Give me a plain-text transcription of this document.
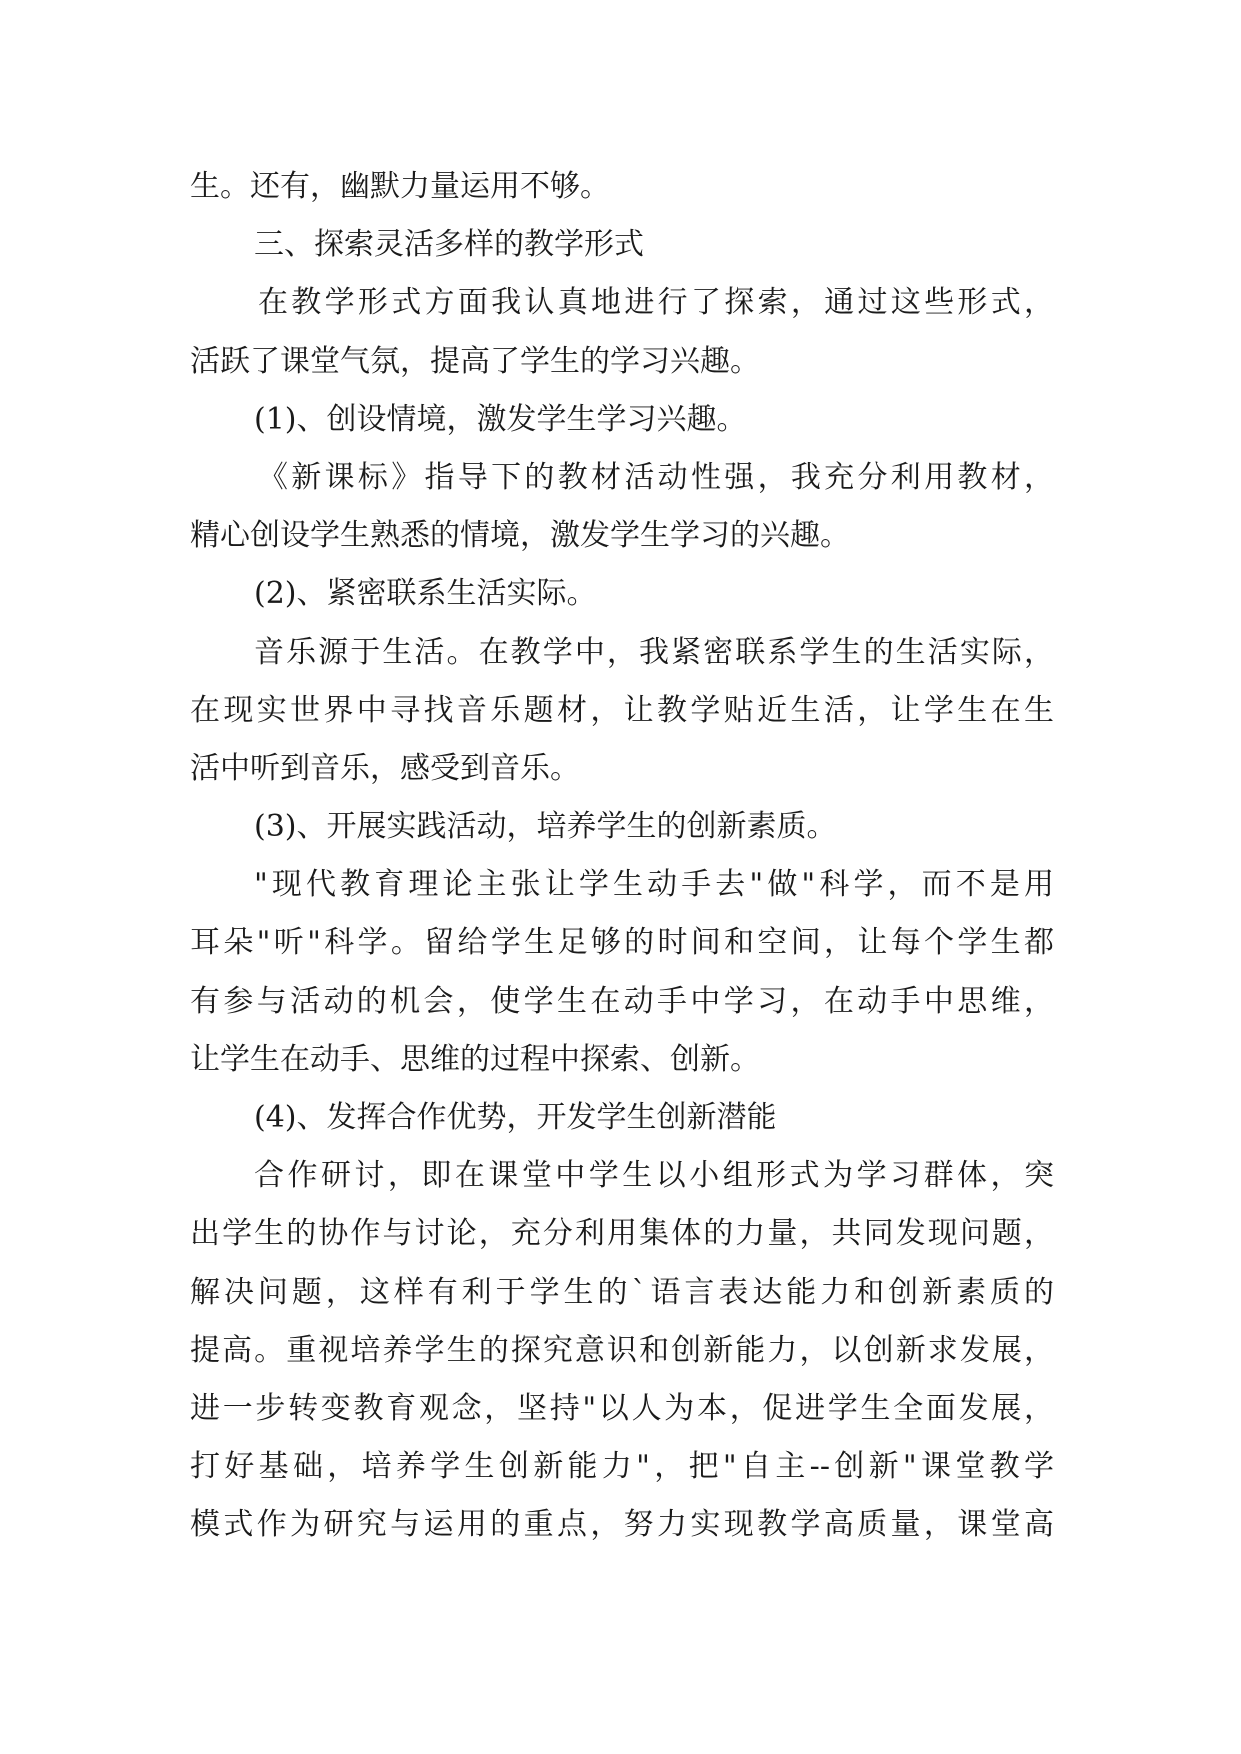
生。还有，幽默力量运用不够。
三、探索灵活多样的教学形式
在教学形式方面我认真地进行了探索，通过这些形式，
活跃了课堂气氛，提高了学生的学习兴趣。
(1)、创设情境，激发学生学习兴趣。
《新课标》指导下的教材活动性强，我充分利用教材，
精心创设学生熟悉的情境，激发学生学习的兴趣。
(2)、紧密联系生活实际。
音乐源于生活。在教学中，我紧密联系学生的生活实际，
在现实世界中寻找音乐题材，让教学贴近生活，让学生在生
活中听到音乐，感受到音乐。
(3)、开展实践活动，培养学生的创新素质。
"现代教育理论主张让学生动手去"做"科学，而不是用
耳朵"听"科学。留给学生足够的时间和空间，让每个学生都
有参与活动的机会，使学生在动手中学习，在动手中思维，
让学生在动手、思维的过程中探索、创新。
(4)、发挥合作优势，开发学生创新潜能
合作研讨，即在课堂中学生以小组形式为学习群体，突
出学生的协作与讨论，充分利用集体的力量，共同发现问题，
解决问题，这样有利于学生的`语言表达能力和创新素质的
提高。重视培养学生的探究意识和创新能力，以创新求发展，
进一步转变教育观念，坚持"以人为本，促进学生全面发展，
打好基础，培养学生创新能力"，把"自主--创新"课堂教学
模式作为研究与运用的重点，努力实现教学高质量，课堂高
